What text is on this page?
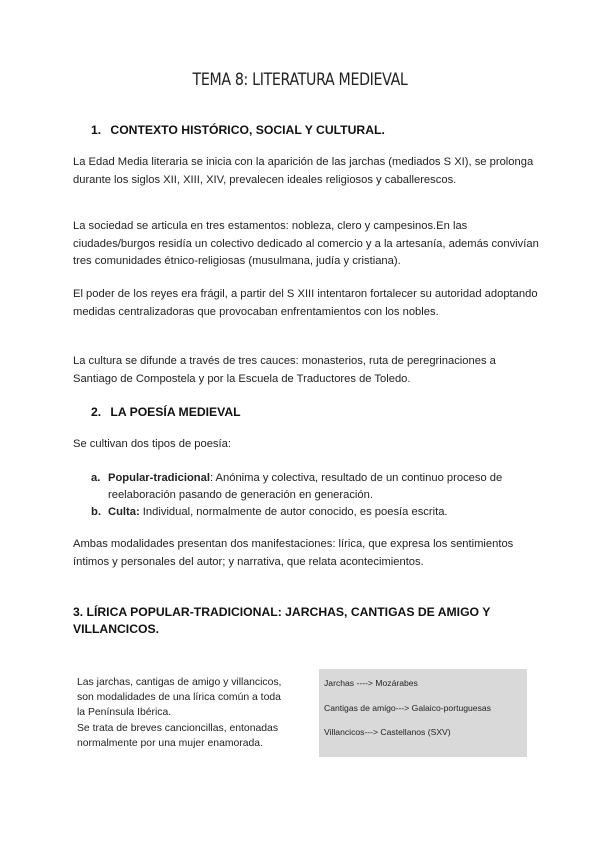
TEMA 8: LITERATURA MEDIEVAL
1. CONTEXTO HISTÓRICO, SOCIAL Y CULTURAL.
La Edad Media literaria se inicia con la aparición de las jarchas (mediados S XI), se prolonga durante los siglos XII, XIII, XIV, prevalecen ideales religiosos y caballerescos.
La sociedad se articula en tres estamentos: nobleza, clero y campesinos.En las ciudades/burgos residía un colectivo dedicado al comercio y a la artesanía, además convivían tres comunidades étnico-religiosas (musulmana, judía y cristiana).
El poder de los reyes era frágil, a partir del S XIII intentaron fortalecer su autoridad adoptando medidas centralizadoras que provocaban enfrentamientos con los nobles.
La cultura se difunde a través de tres cauces: monasterios, ruta de peregrinaciones a Santiago de Compostela y por la Escuela de Traductores de Toledo.
2. LA POESÍA MEDIEVAL
Se cultivan dos tipos de poesía:
a. Popular-tradicional: Anónima y colectiva, resultado de un continuo proceso de reelaboración pasando de generación en generación.
b. Culta: Individual, normalmente de autor conocido, es poesía escrita.
Ambas modalidades presentan dos manifestaciones: lírica, que expresa los sentimientos íntimos y personales del autor; y narrativa, que relata acontecimientos.
3. LÍRICA POPULAR-TRADICIONAL: JARCHAS, CANTIGAS DE AMIGO Y VILLANCICOS.
Las jarchas, cantigas de amigo y villancicos,
son modalidades de una lírica común a toda
la Península Ibérica.
Se trata de breves cancioncillas, entonadas
normalmente por una mujer enamorada.
Jarchas ----> Mozárabes
Cantigas de amigo---> Galaico-portuguesas
Villancicos---> Castellanos (SXV)
